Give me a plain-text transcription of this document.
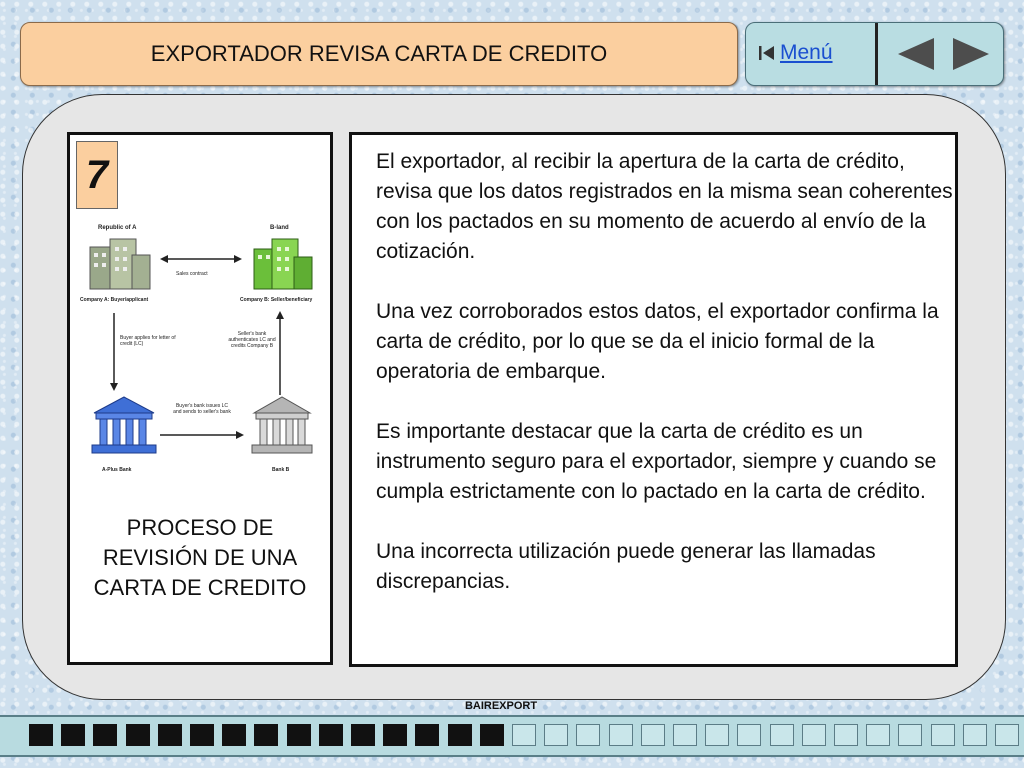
EXPORTADOR REVISA CARTA DE CREDITO	Menú
7
Republic of A
Company A: Buyer/applicant
B-land
Company B: Seller/beneficiary
Sales contract
Buyer applies for letter of credit (LC)
Seller's bank authenticates LC and credits Company B
Buyer's bank issues LC and sends to seller's bank
A-Plus Bank	Bank B
PROCESO DE REVISIÓN DE UNA CARTA DE CREDITO

El exportador, al recibir la apertura de la carta de crédito, revisa que los datos registrados en la misma sean coherentes con los pactados en su momento de acuerdo al envío de la cotización.

Una vez corroborados estos datos, el exportador confirma la carta de crédito, por lo que se da el inicio formal de la operatoria de embarque.

Es importante destacar que la carta de crédito es un instrumento seguro para el exportador, siempre y cuando se cumpla estrictamente con lo pactado en la carta de crédito.

Una incorrecta utilización puede generar las llamadas discrepancias.

BAIREXPORT
